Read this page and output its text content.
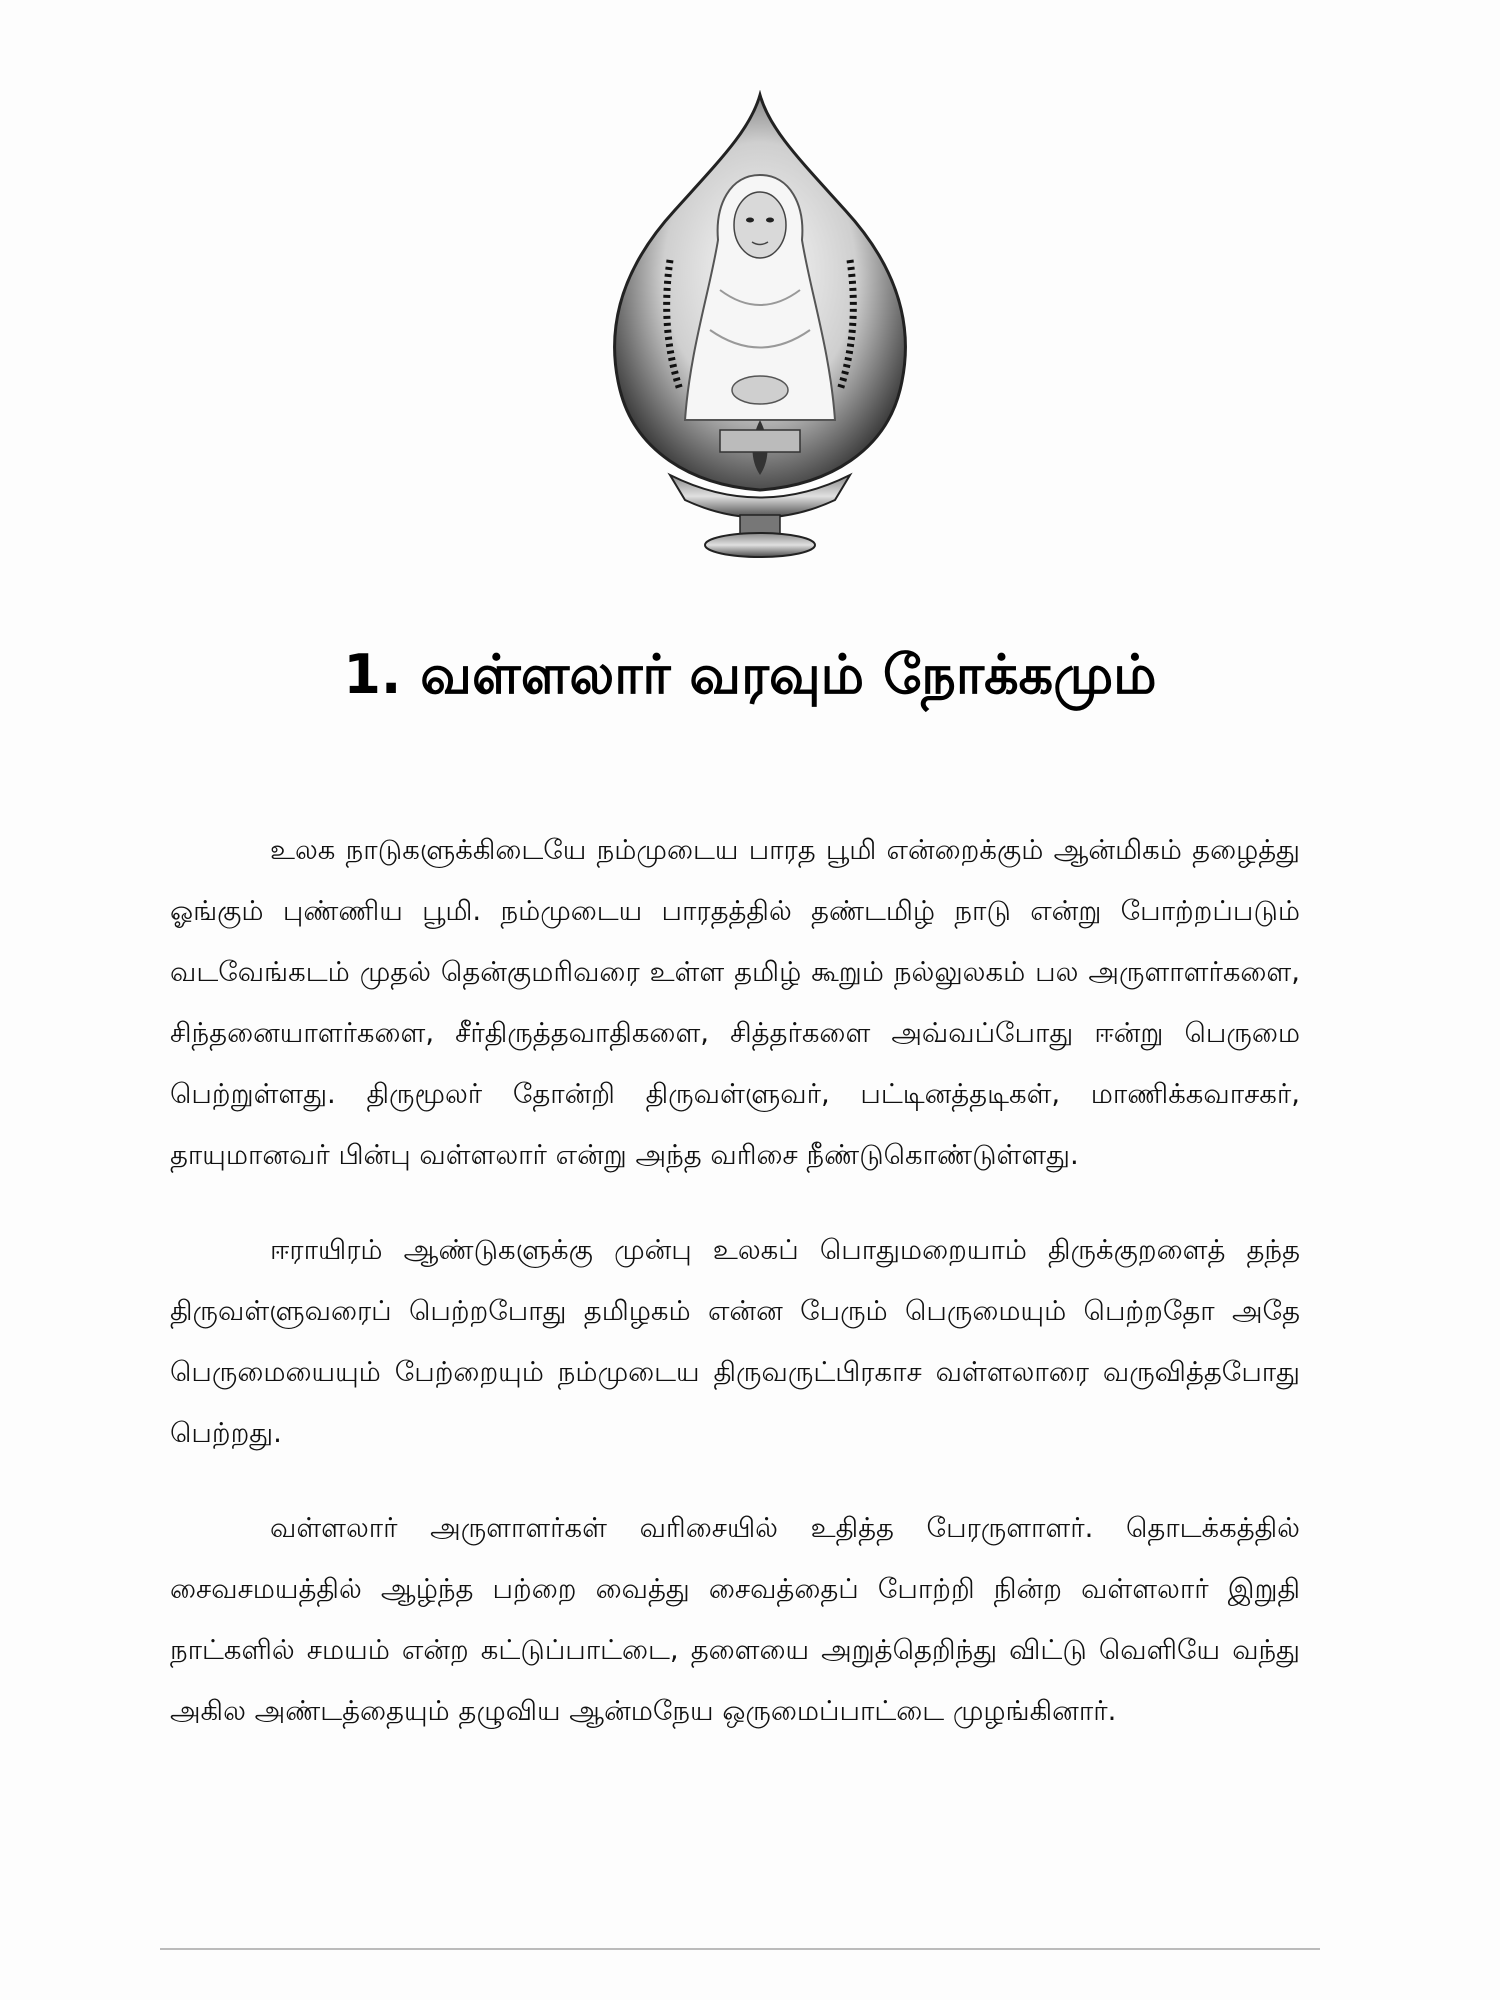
1. வள்ளலார் வரவும் நோக்கமும்

உலக நாடுகளுக்கிடையே நம்முடைய பாரத பூமி என்றைக்கும் ஆன்மிகம் தழைத்து ஓங்கும் புண்ணிய பூமி. நம்முடைய பாரதத்தில் தண்டமிழ் நாடு என்று போற்றப்படும் வடவேங்கடம் முதல் தென்குமரிவரை உள்ள தமிழ் கூறும் நல்லுலகம் பல அருளாளர்களை, சிந்தனையாளர்களை, சீர்திருத்தவாதிகளை, சித்தர்களை அவ்வப்போது ஈன்று பெருமை பெற்றுள்ளது. திருமூலர் தோன்றி திருவள்ளுவர், பட்டினத்தடிகள், மாணிக்கவாசகர், தாயுமானவர் பின்பு வள்ளலார் என்று அந்த வரிசை நீண்டுகொண்டுள்ளது.

ஈராயிரம் ஆண்டுகளுக்கு முன்பு உலகப் பொதுமறையாம் திருக்குறளைத் தந்த திருவள்ளுவரைப் பெற்றபோது தமிழகம் என்ன பேரும் பெருமையும் பெற்றதோ அதே பெருமையையும் பேற்றையும் நம்முடைய திருவருட்பிரகாச வள்ளலாரை வருவித்தபோது பெற்றது.

வள்ளலார் அருளாளர்கள் வரிசையில் உதித்த பேரருளாளர். தொடக்கத்தில் சைவசமயத்தில் ஆழ்ந்த பற்றை வைத்து சைவத்தைப் போற்றி நின்ற வள்ளலார் இறுதி நாட்களில் சமயம் என்ற கட்டுப்பாட்டை, தளையை அறுத்தெறிந்து விட்டு வெளியே வந்து அகில அண்டத்தையும் தழுவிய ஆன்மநேய ஒருமைப்பாட்டை முழங்கினார்.
